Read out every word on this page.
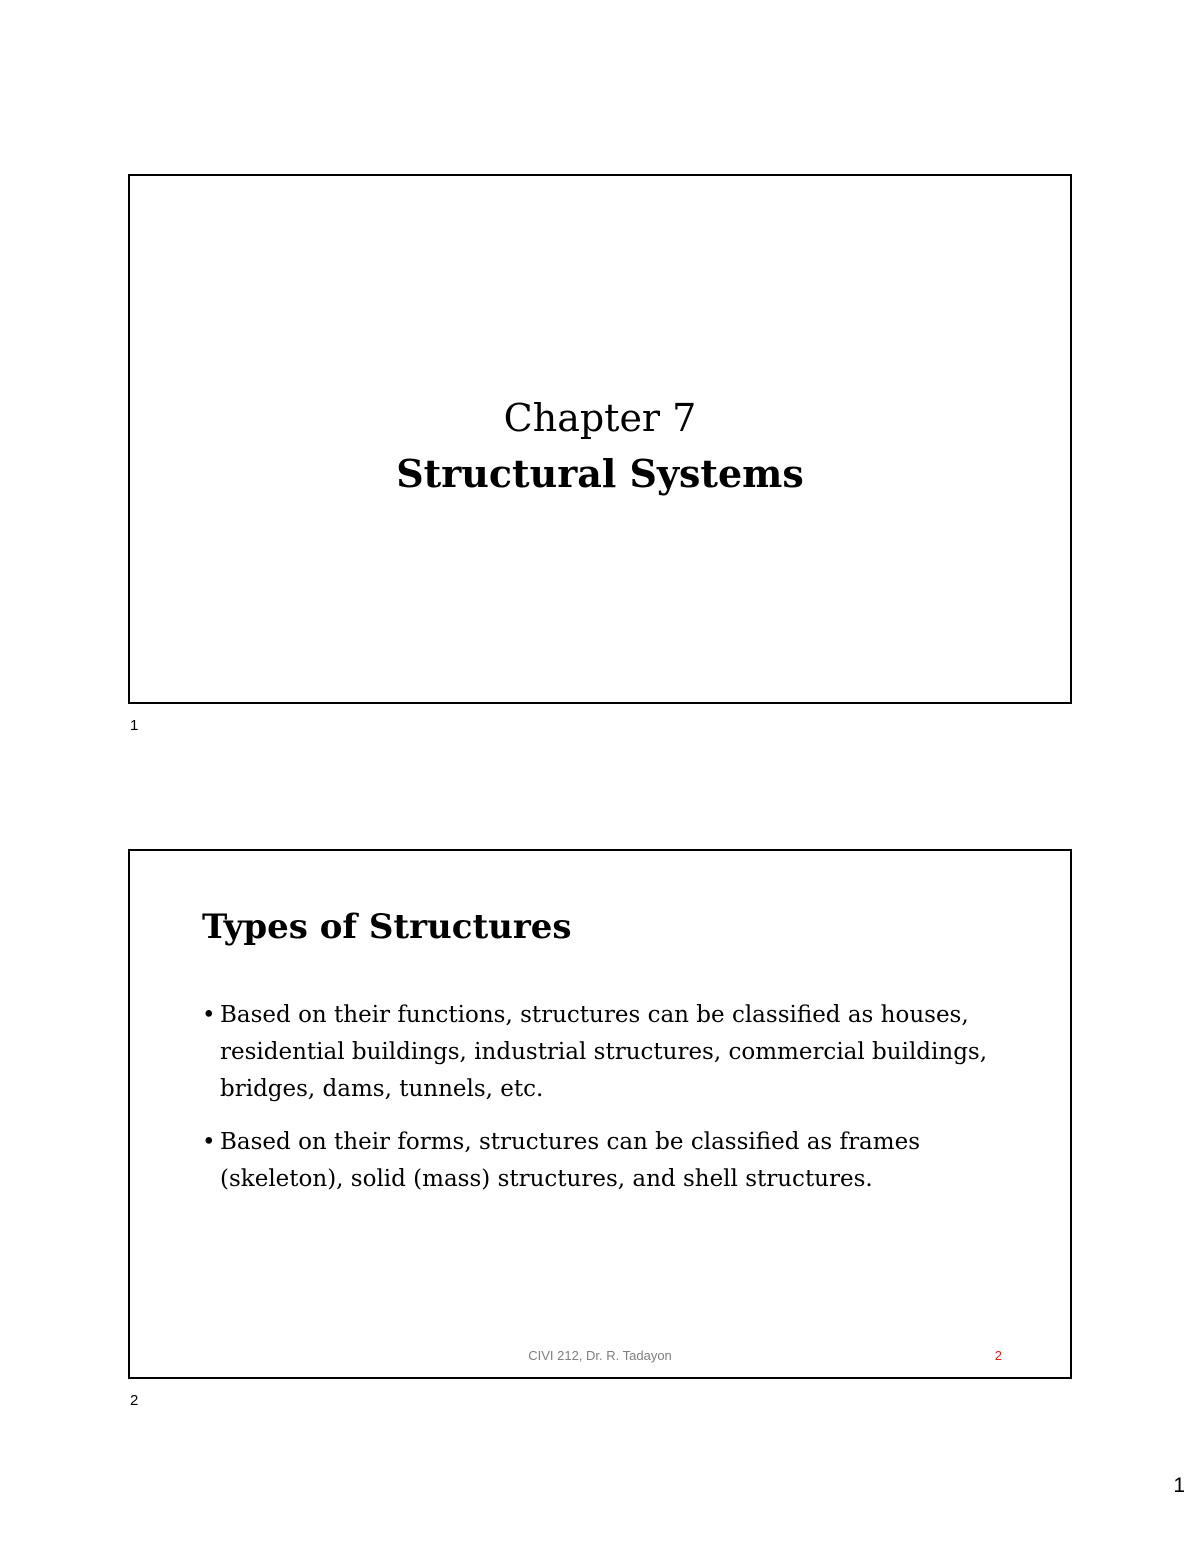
Chapter 7
Structural Systems
1
Types of Structures
• Based on their functions, structures can be classified as houses, residential buildings, industrial structures, commercial buildings, bridges, dams, tunnels, etc.
• Based on their forms, structures can be classified as frames (skeleton), solid (mass) structures, and shell structures.
CIVI 212, Dr. R. Tadayon	2
2
1
